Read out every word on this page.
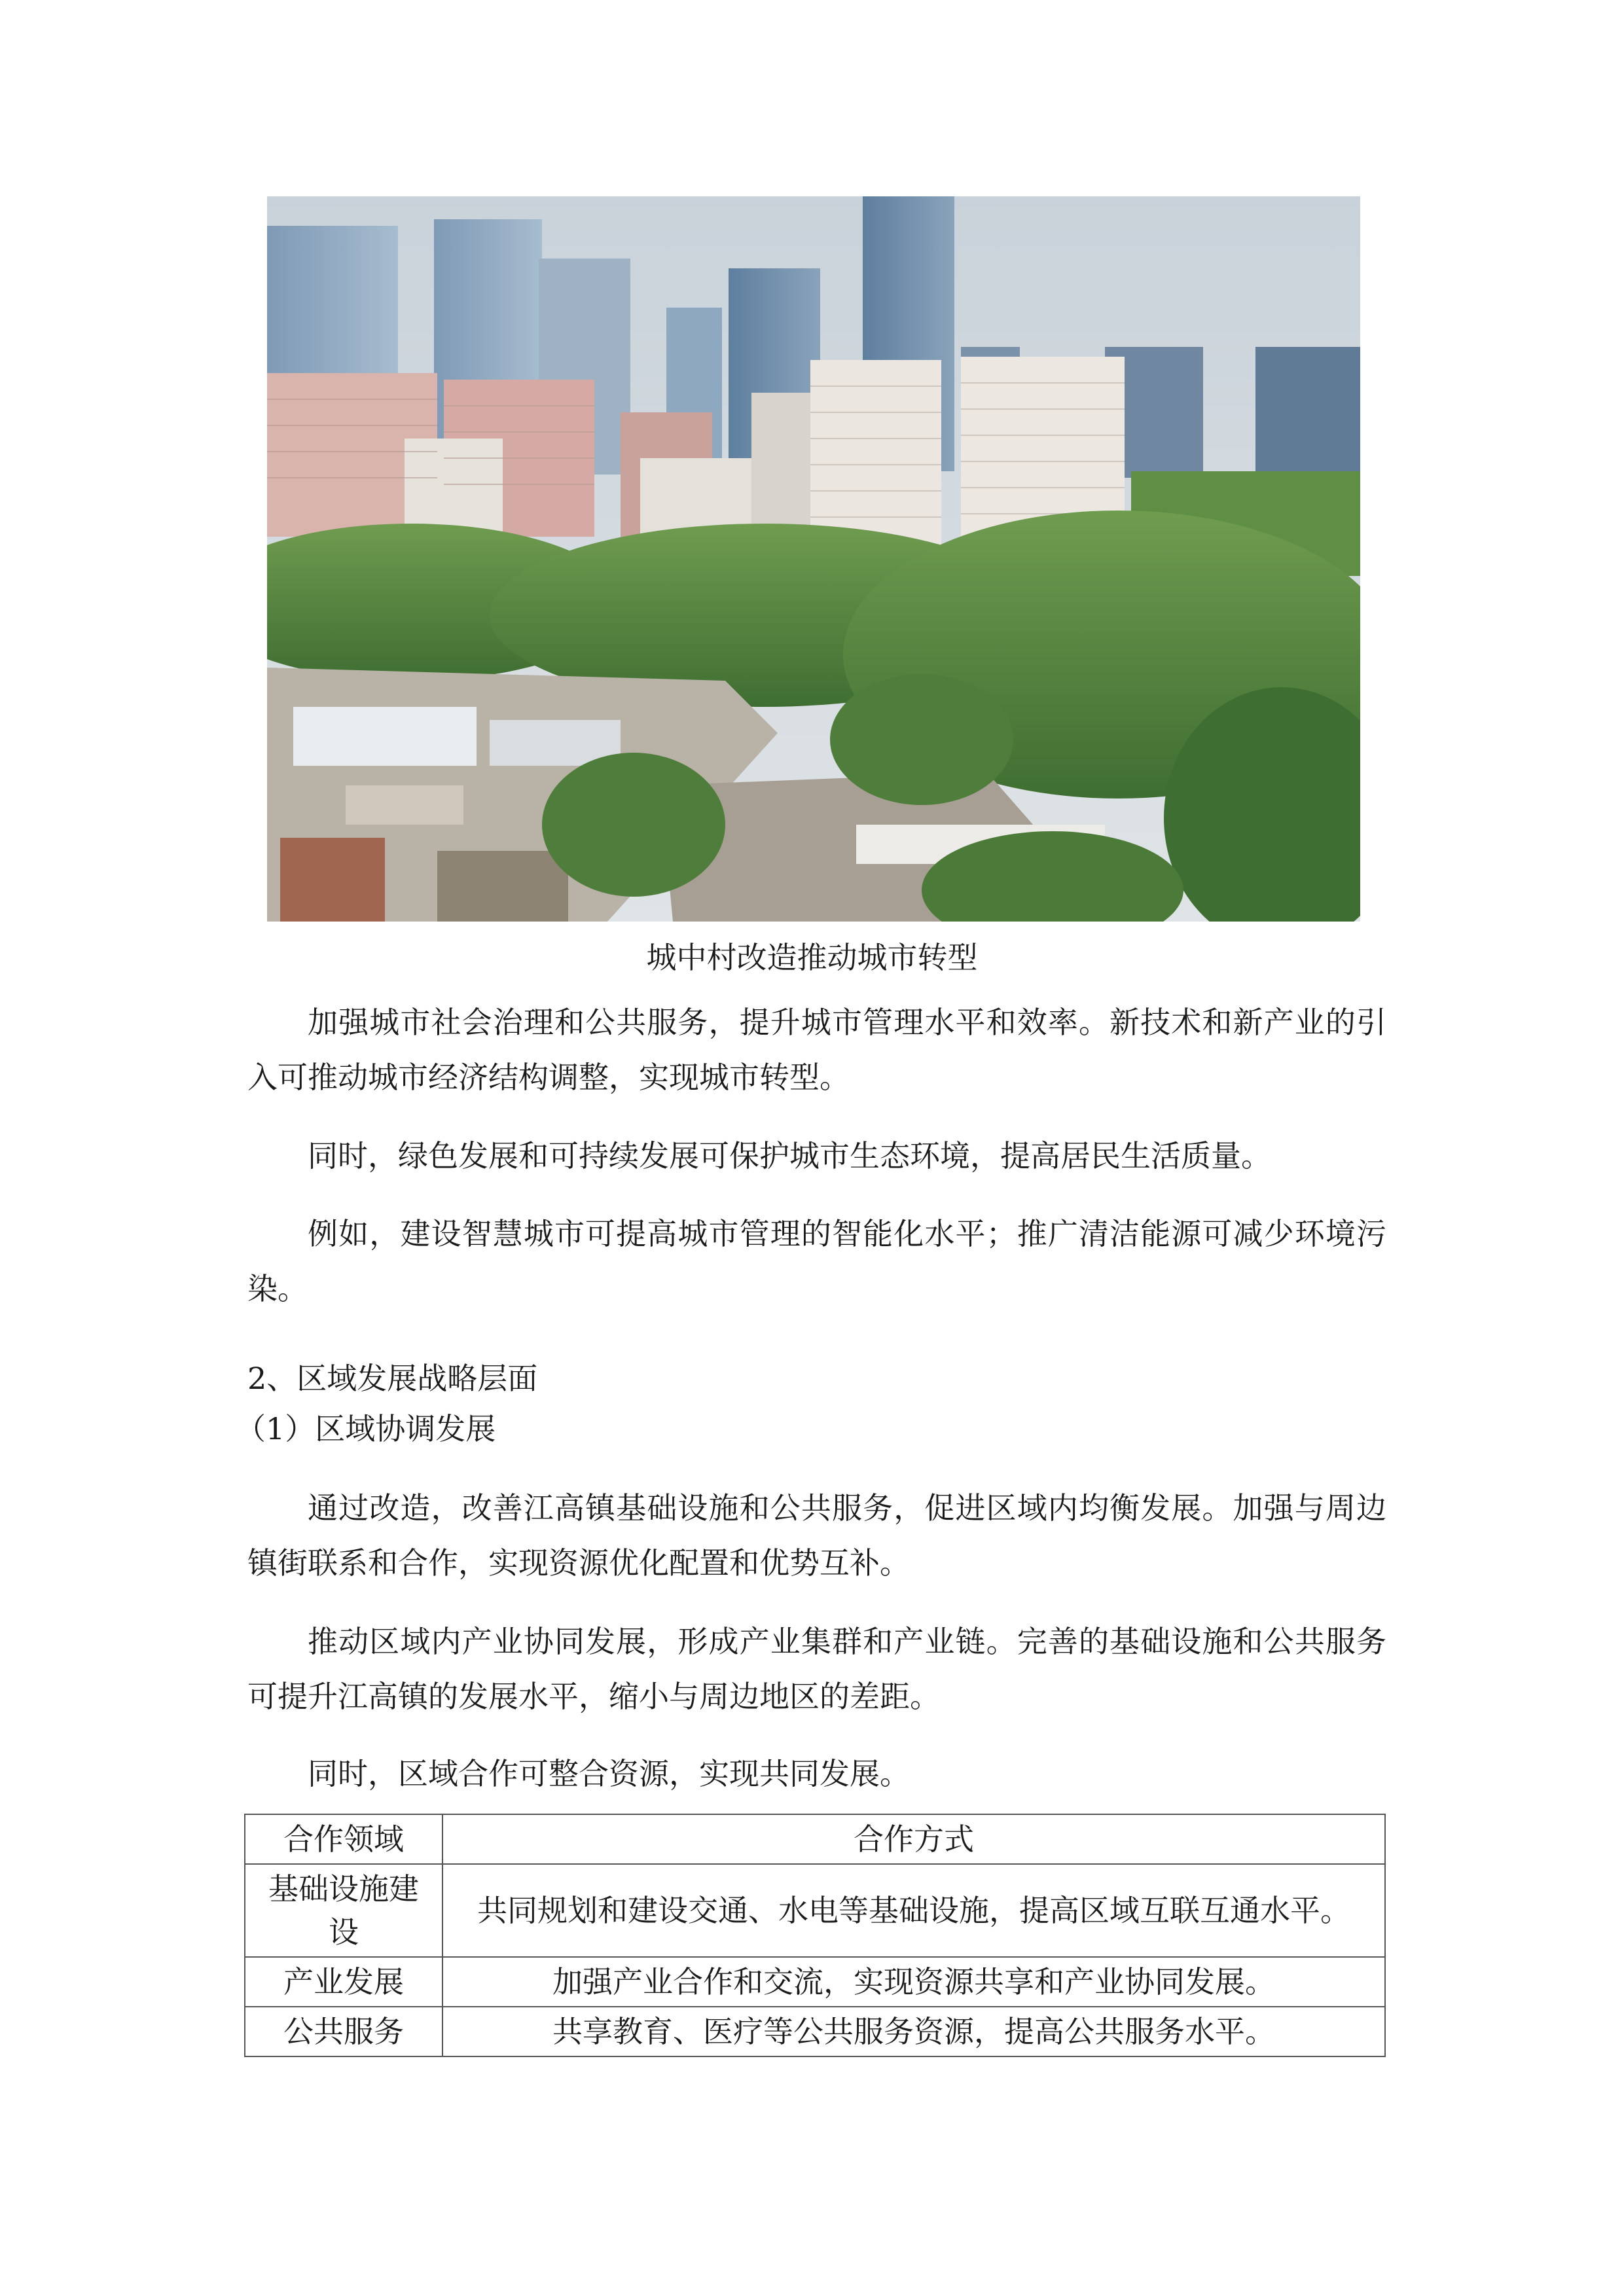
城中村改造推动城市转型

加强城市社会治理和公共服务，提升城市管理水平和效率。新技术和新产业的引入可推动城市经济结构调整，实现城市转型。

同时，绿色发展和可持续发展可保护城市生态环境，提高居民生活质量。

例如，建设智慧城市可提高城市管理的智能化水平；推广清洁能源可减少环境污染。

2、区域发展战略层面
（1）区域协调发展

通过改造，改善江高镇基础设施和公共服务，促进区域内均衡发展。加强与周边镇街联系和合作，实现资源优化配置和优势互补。

推动区域内产业协同发展，形成产业集群和产业链。完善的基础设施和公共服务可提升江高镇的发展水平，缩小与周边地区的差距。

同时，区域合作可整合资源，实现共同发展。

合作领域	合作方式
基础设施建设	共同规划和建设交通、水电等基础设施，提高区域互联互通水平。
产业发展	加强产业合作和交流，实现资源共享和产业协同发展。
公共服务	共享教育、医疗等公共服务资源，提高公共服务水平。
